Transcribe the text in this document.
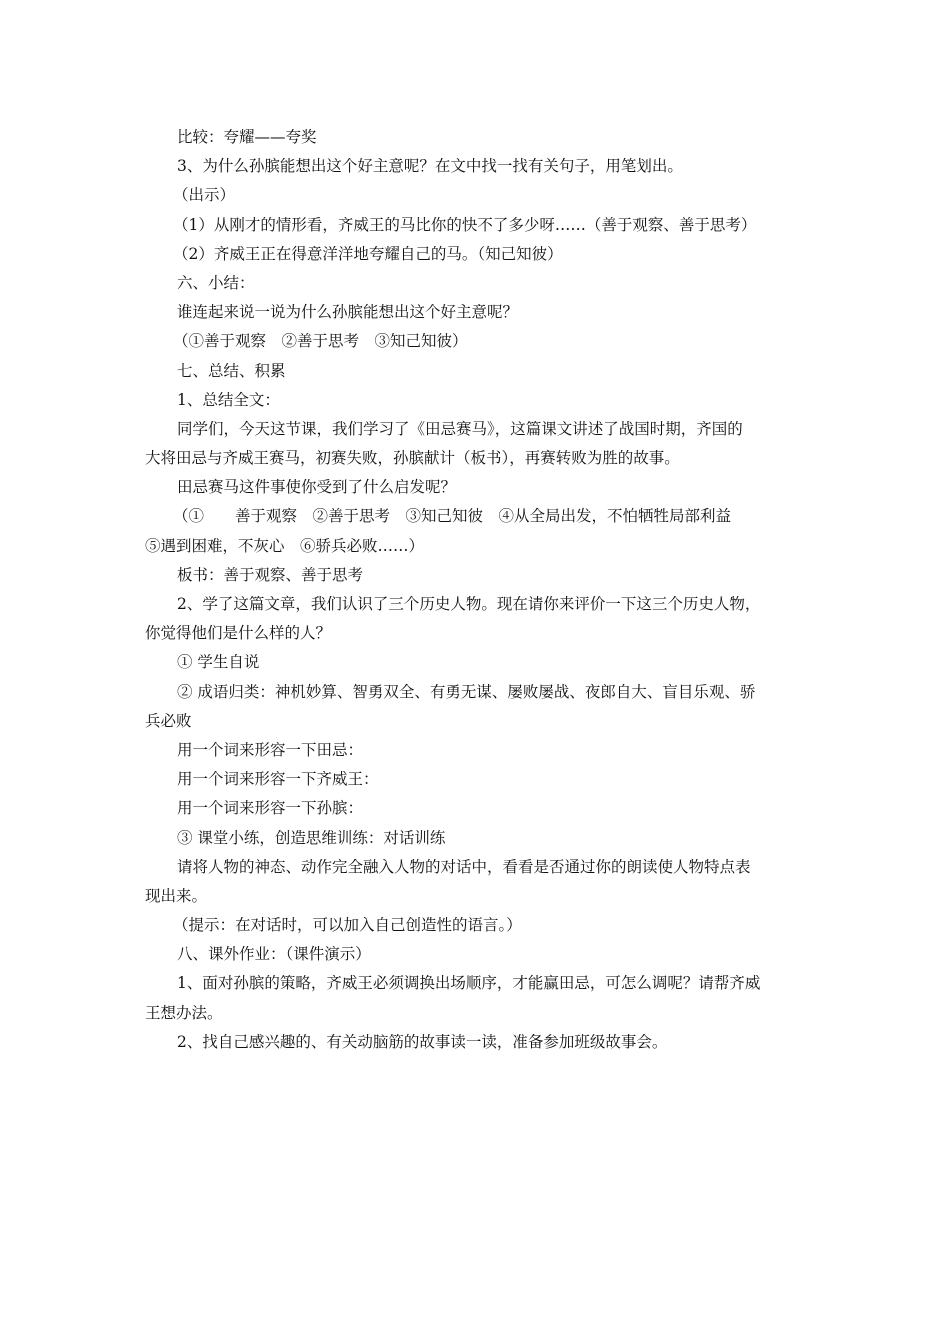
比较：夸耀——夸奖
3、为什么孙膑能想出这个好主意呢？在文中找一找有关句子，用笔划出。
（出示）
（1）从刚才的情形看，齐威王的马比你的快不了多少呀……（善于观察、善于思考）
（2）齐威王正在得意洋洋地夸耀自己的马。（知己知彼）
六、小结：
谁连起来说一说为什么孙膑能想出这个好主意呢？
（①善于观察　②善于思考　③知己知彼）
七、总结、积累
1、总结全文：
同学们，今天这节课，我们学习了《田忌赛马》，这篇课文讲述了战国时期，齐国的
大将田忌与齐威王赛马，初赛失败，孙膑献计（板书），再赛转败为胜的故事。
田忌赛马这件事使你受到了什么启发呢？
（①　　善于观察　②善于思考　③知己知彼　④从全局出发，不怕牺牲局部利益
⑤遇到困难，不灰心　⑥骄兵必败……）
板书：善于观察、善于思考
2、学了这篇文章，我们认识了三个历史人物。现在请你来评价一下这三个历史人物，
你觉得他们是什么样的人？
① 学生自说
② 成语归类：神机妙算、智勇双全、有勇无谋、屡败屡战、夜郎自大、盲目乐观、骄
兵必败
用一个词来形容一下田忌：
用一个词来形容一下齐威王：
用一个词来形容一下孙膑：
③ 课堂小练，创造思维训练：对话训练
请将人物的神态、动作完全融入人物的对话中，看看是否通过你的朗读使人物特点表
现出来。
（提示：在对话时，可以加入自己创造性的语言。）
八、课外作业：（课件演示）
1、面对孙膑的策略，齐威王必须调换出场顺序，才能赢田忌，可怎么调呢？请帮齐威
王想办法。
2、找自己感兴趣的、有关动脑筋的故事读一读，准备参加班级故事会。
